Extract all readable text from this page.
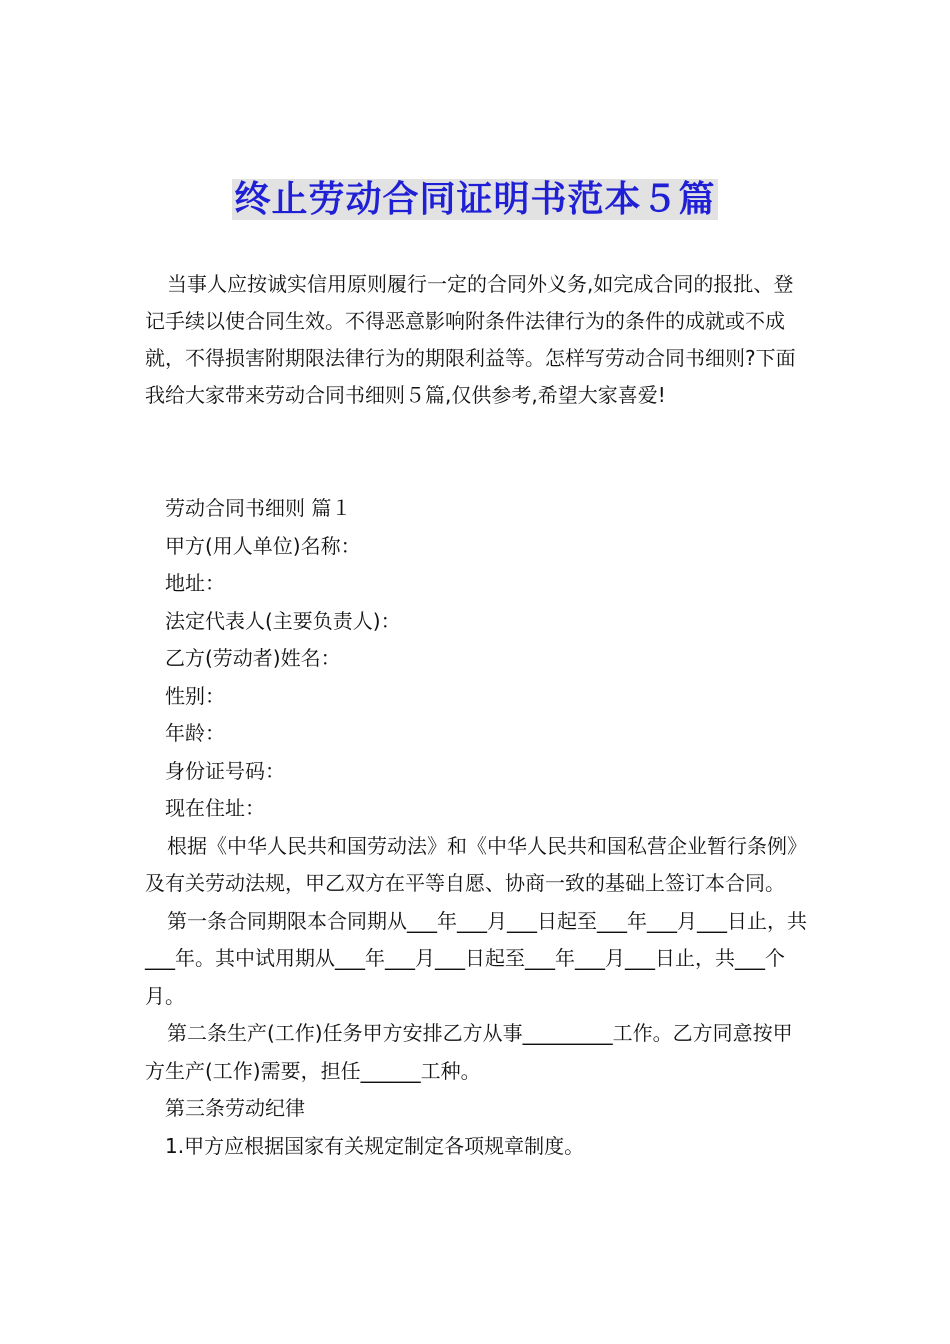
终止劳动合同证明书范本５篇

当事人应按诚实信用原则履行一定的合同外义务,如完成合同的报批、登记手续以使合同生效。不得恶意影响附条件法律行为的条件的成就或不成就，不得损害附期限法律行为的期限利益等。怎样写劳动合同书细则?下面我给大家带来劳动合同书细则５篇,仅供参考,希望大家喜爱!

劳动合同书细则 篇１

甲方(用人单位)名称：

地址：

法定代表人(主要负责人)：

乙方(劳动者)姓名：

性别：

年龄：

身份证号码：

现在住址：

根据《中华人民共和国劳动法》和《中华人民共和国私营企业暂行条例》及有关劳动法规，甲乙双方在平等自愿、协商一致的基础上签订本合同。

第一条合同期限本合同期从___年___月___日起至___年___月___日止，共___年。其中试用期从___年___月___日起至___年___月___日止，共___个月。

第二条生产(工作)任务甲方安排乙方从事_________工作。乙方同意按甲方生产(工作)需要，担任______工种。

第三条劳动纪律

1.甲方应根据国家有关规定制定各项规章制度。
